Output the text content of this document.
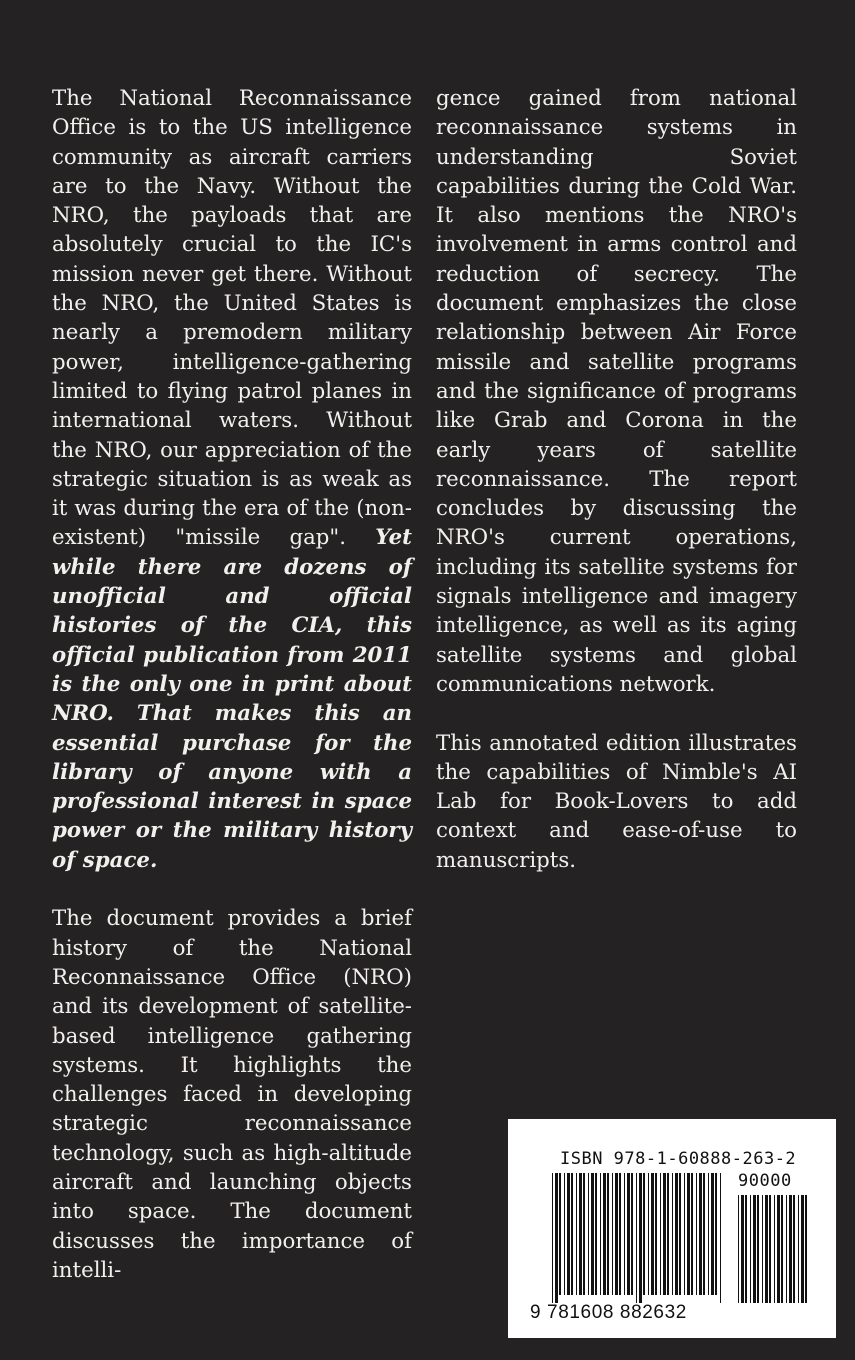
The National Reconnaissance Office is to the US intelligence community as aircraft carriers are to the Navy. Without the NRO, the payloads that are absolutely crucial to the IC's mission never get there. Without the NRO, the United States is nearly a premodern military power, intelligence-gathering limited to flying patrol planes in international waters. Without the NRO, our appreciation of the strategic situation is as weak as it was during the era of the (non-existent) "missile gap". Yet while there are dozens of unofficial and official histories of the CIA, this official publication from 2011 is the only one in print about NRO. That makes this an essential purchase for the library of anyone with a professional interest in space power or the military history of space.

The document provides a brief history of the National Reconnaissance Office (NRO) and its development of satellite-based intelligence gathering systems. It highlights the challenges faced in developing strategic reconnaissance technology, such as high-altitude aircraft and launching objects into space. The document discusses the importance of intelli-

gence gained from national reconnaissance systems in understanding Soviet capabilities during the Cold War. It also mentions the NRO's involvement in arms control and reduction of secrecy. The document emphasizes the close relationship between Air Force missile and satellite programs and the significance of programs like Grab and Corona in the early years of satellite reconnaissance. The report concludes by discussing the NRO's current operations, including its satellite systems for signals intelligence and imagery intelligence, as well as its aging satellite systems and global communications network.

This annotated edition illustrates the capabilities of Nimble's AI Lab for Book-Lovers to add context and ease-of-use to manuscripts.

ISBN 978-1-60888-263-2
90000
9 781608 882632
